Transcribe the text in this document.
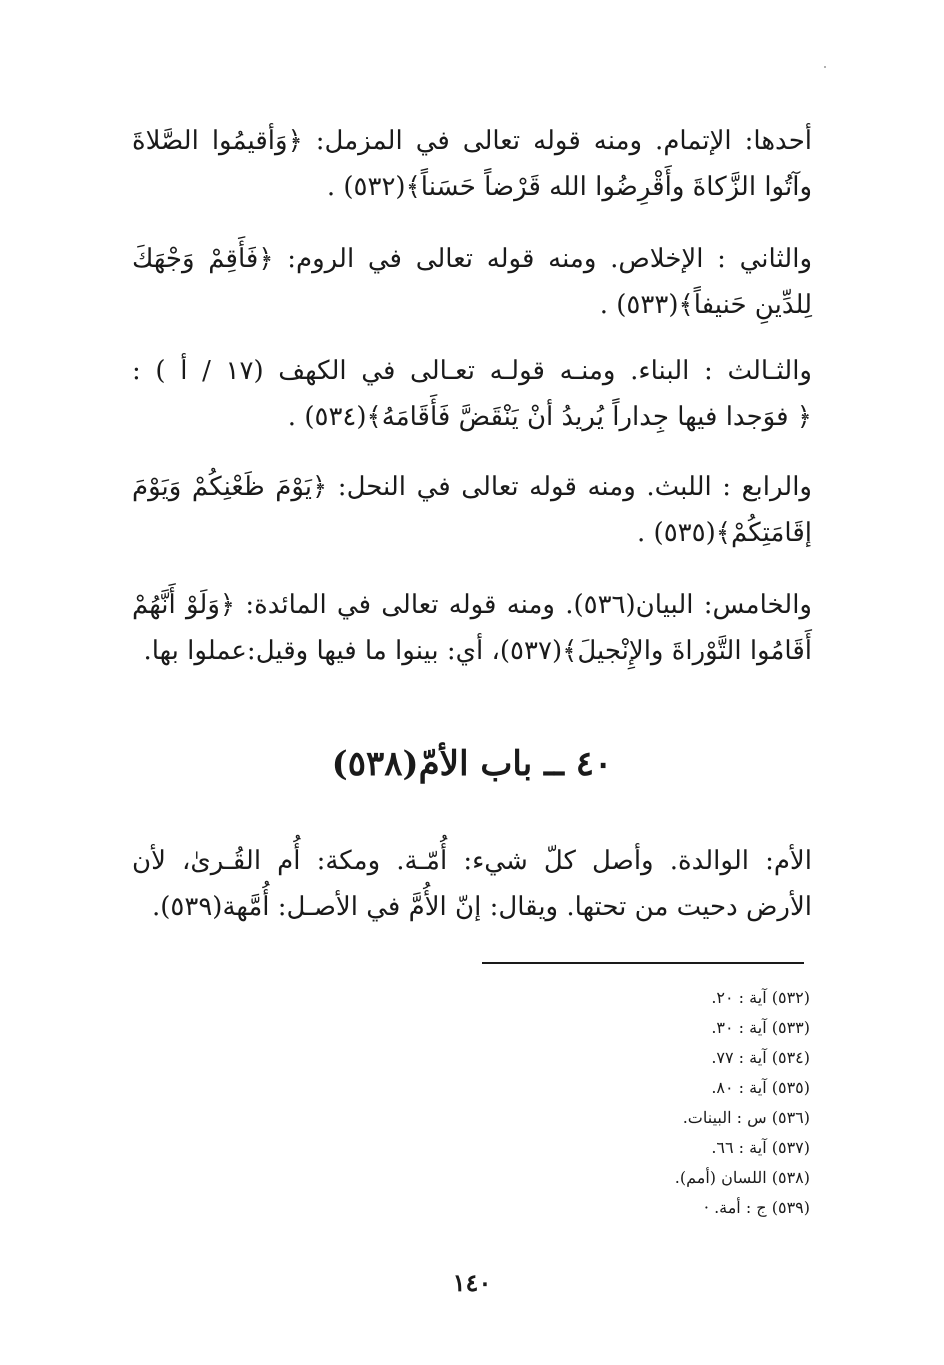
أحدها: الإتمام. ومنه قوله تعالى في المزمل: ﴿وَأقيمُوا الصَّلاةَ
وآتُوا الزَّكاةَ وأَقْرِضُوا الله قَرْضاً حَسَناً﴾(٥٣٢) .
والثاني : الإخلاص. ومنه قوله تعالى في الروم: ﴿فَأَقِمْ وَجْهَكَ
لِلدِّينِ حَنيفاً﴾(٥٣٣) .
والثـالث : البناء. ومنـه قولـه تعـالى في الكهف (١٧ / أ ) :
﴿ فوَجدا فيها جِداراً يُريدُ أنْ يَنْقَضَّ فَأَقَامَهُ﴾(٥٣٤) .
والرابع : اللبث. ومنه قوله تعالى في النحل: ﴿يَوْمَ ظَعْنِكُمْ وَيَوْمَ
إقَامَتِكُمْ﴾(٥٣٥) .
والخامس: البيان(٥٣٦). ومنه قوله تعالى في المائدة: ﴿وَلَوْ أَنَّهُمْ
أَقَامُوا التَّوْراةَ والإِنْجيلَ﴾(٥٣٧)، أي: بينوا ما فيها وقيل:عملوا بها.
٤٠ ــ باب الأمّ(٥٣٨)
الأم: الوالدة. وأصل كلّ شيء: أُمّـة. ومكة: أُم القُـرىٰ، لأن
الأرض دحيت من تحتها. ويقال: إنّ الأُمَّ في الأصـل: أُمَّهة(٥٣٩).
(٥٣٢) آية : ٢٠.
(٥٣٣) آية : ٣٠.
(٥٣٤) آية : ٧٧.
(٥٣٥) آية : ٨٠.
(٥٣٦) س : البينات.
(٥٣٧) آية : ٦٦.
(٥٣٨) اللسان (أمم).
(٥٣٩) ج : أمة. ·
١٤٠
